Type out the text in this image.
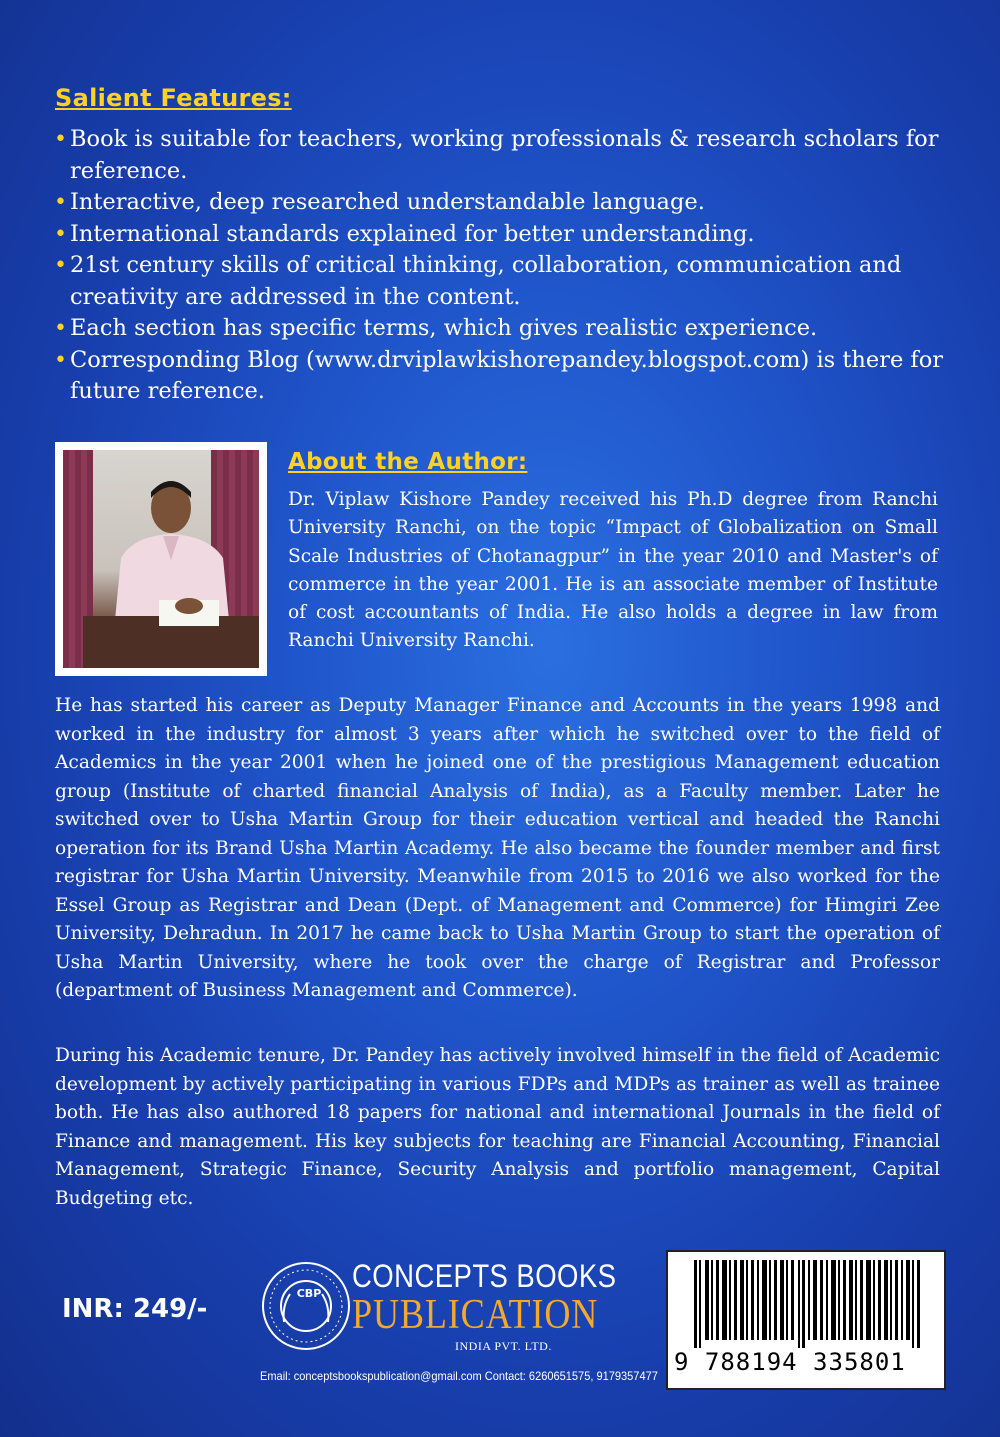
Salient Features:
• Book is suitable for teachers, working professionals & research scholars for reference.
• Interactive, deep researched understandable language.
• International standards explained for better understanding.
• 21st century skills of critical thinking, collaboration, communication and creativity are addressed in the content.
• Each section has specific terms, which gives realistic experience.
• Corresponding Blog (www.drviplawkishorepandey.blogspot.com) is there for future reference.
About the Author:

Dr. Viplaw Kishore Pandey received his Ph.D degree from Ranchi University Ranchi, on the topic “Impact of Globalization on Small Scale Industries of Chotanagpur” in the year 2010 and Master's of commerce in the year 2001. He is an associate member of Institute of cost accountants of India. He also holds a degree in law from Ranchi University Ranchi.

He has started his career as Deputy Manager Finance and Accounts in the years 1998 and worked in the industry for almost 3 years after which he switched over to the field of Academics in the year 2001 when he joined one of the prestigious Management education group (Institute of charted financial Analysis of India), as a Faculty member. Later he switched over to Usha Martin Group for their education vertical and headed the Ranchi operation for its Brand Usha Martin Academy. He also became the founder member and first registrar for Usha Martin University. Meanwhile from 2015 to 2016 we also worked for the Essel Group as Registrar and Dean (Dept. of Management and Commerce) for Himgiri Zee University, Dehradun. In 2017 he came back to Usha Martin Group to start the operation of Usha Martin University, where he took over the charge of Registrar and Professor (department of Business Management and Commerce).

During his Academic tenure, Dr. Pandey has actively involved himself in the field of Academic development by actively participating in various FDPs and MDPs as trainer as well as trainee both. He has also authored 18 papers for national and international Journals in the field of Finance and management. His key subjects for teaching are Financial Accounting, Financial Management, Strategic Finance, Security Analysis and portfolio management, Capital Budgeting etc.

INR: 249/-
CBP CONCEPTS BOOKS
PUBLICATION
INDIA PVT. LTD.
Email: conceptsbookspublication@gmail.com Contact: 6260651575, 9179357477 9 788194 335801
